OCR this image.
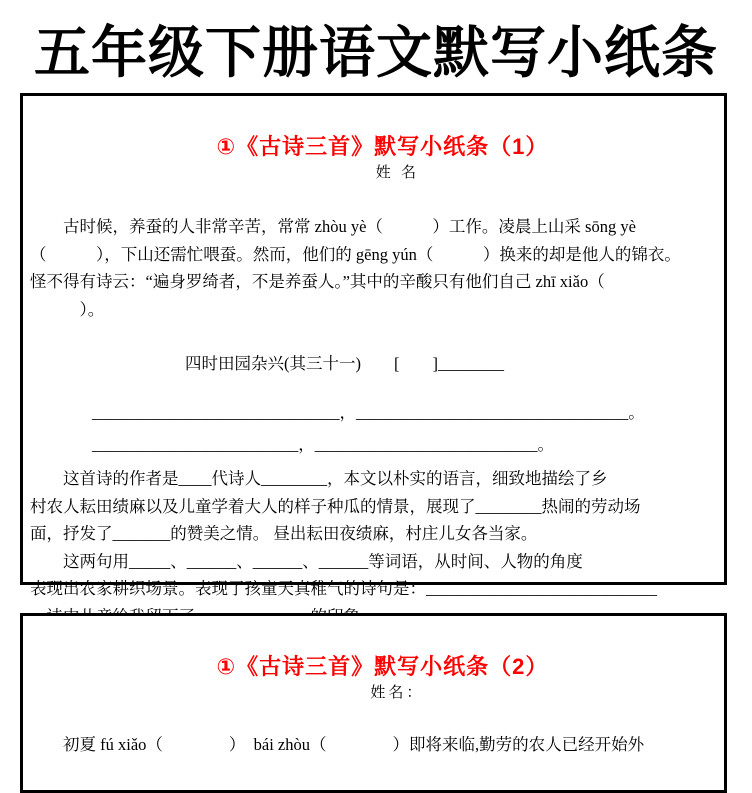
五年级下册语文默写小纸条

①《古诗三首》默写小纸条（1）
姓 名

　　古时候，养蚕的人非常辛苦，常常 zhòu yè（　　　）工作。凌晨上山采 sōng yè
（　　　），下山还需忙喂蚕。然而，他们的 gēng yún（　　　）换来的却是他人的锦衣。
怪不得有诗云：“遍身罗绮者，不是养蚕人。”其中的辛酸只有他们自己 zhī xiǎo（
　　　）。
四时田园杂兴(其三十一)　　[　　]________
______________________________，_________________________________。
_________________________，___________________________。
　　这首诗的作者是____代诗人________，本文以朴实的语言，细致地描绘了乡
村农人耘田绩麻以及儿童学着大人的样子种瓜的情景，展现了________热闹的劳动场
面，抒发了_______的赞美之情。 昼出耘田夜绩麻，村庄儿女各当家。
　　这两句用_____、______、______、______等词语，从时间、人物的角度
表现出农家耕织场景。表现了孩童天真稚气的诗句是：____________________________

①《古诗三首》默写小纸条（2）
姓名：

　　初夏 fú xiǎo（　　　　）  bái zhòu（　　　　）即将来临,勤劳的农人已经开始外
